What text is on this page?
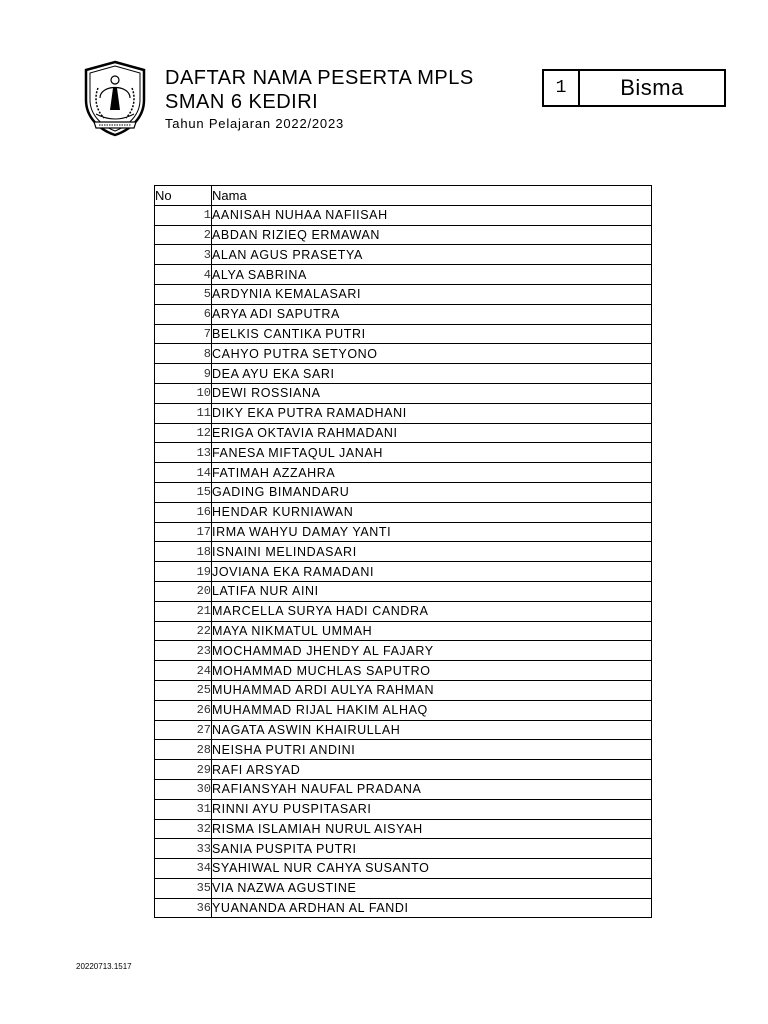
DAFTAR NAMA PESERTA MPLS
SMAN 6 KEDIRI
Tahun Pelajaran 2022/2023
1	Bisma
No	Nama
1	AANISAH NUHAA NAFIISAH
2	ABDAN RIZIEQ ERMAWAN
3	ALAN AGUS PRASETYA
4	ALYA SABRINA
5	ARDYNIA KEMALASARI
6	ARYA ADI SAPUTRA
7	BELKIS CANTIKA PUTRI
8	CAHYO PUTRA SETYONO
9	DEA AYU EKA SARI
10	DEWI ROSSIANA
11	DIKY EKA PUTRA RAMADHANI
12	ERIGA OKTAVIA RAHMADANI
13	FANESA MIFTAQUL JANAH
14	FATIMAH AZZAHRA
15	GADING BIMANDARU
16	HENDAR KURNIAWAN
17	IRMA WAHYU DAMAY YANTI
18	ISNAINI MELINDASARI
19	JOVIANA EKA RAMADANI
20	LATIFA NUR AINI
21	MARCELLA SURYA HADI CANDRA
22	MAYA NIKMATUL UMMAH
23	MOCHAMMAD JHENDY AL FAJARY
24	MOHAMMAD MUCHLAS SAPUTRO
25	MUHAMMAD ARDI AULYA RAHMAN
26	MUHAMMAD RIJAL HAKIM ALHAQ
27	NAGATA ASWIN KHAIRULLAH
28	NEISHA PUTRI ANDINI
29	RAFI ARSYAD
30	RAFIANSYAH NAUFAL PRADANA
31	RINNI AYU PUSPITASARI
32	RISMA ISLAMIAH NURUL AISYAH
33	SANIA PUSPITA PUTRI
34	SYAHIWAL NUR CAHYA SUSANTO
35	VIA NAZWA AGUSTINE
36	YUANANDA ARDHAN AL FANDI
20220713.1517
